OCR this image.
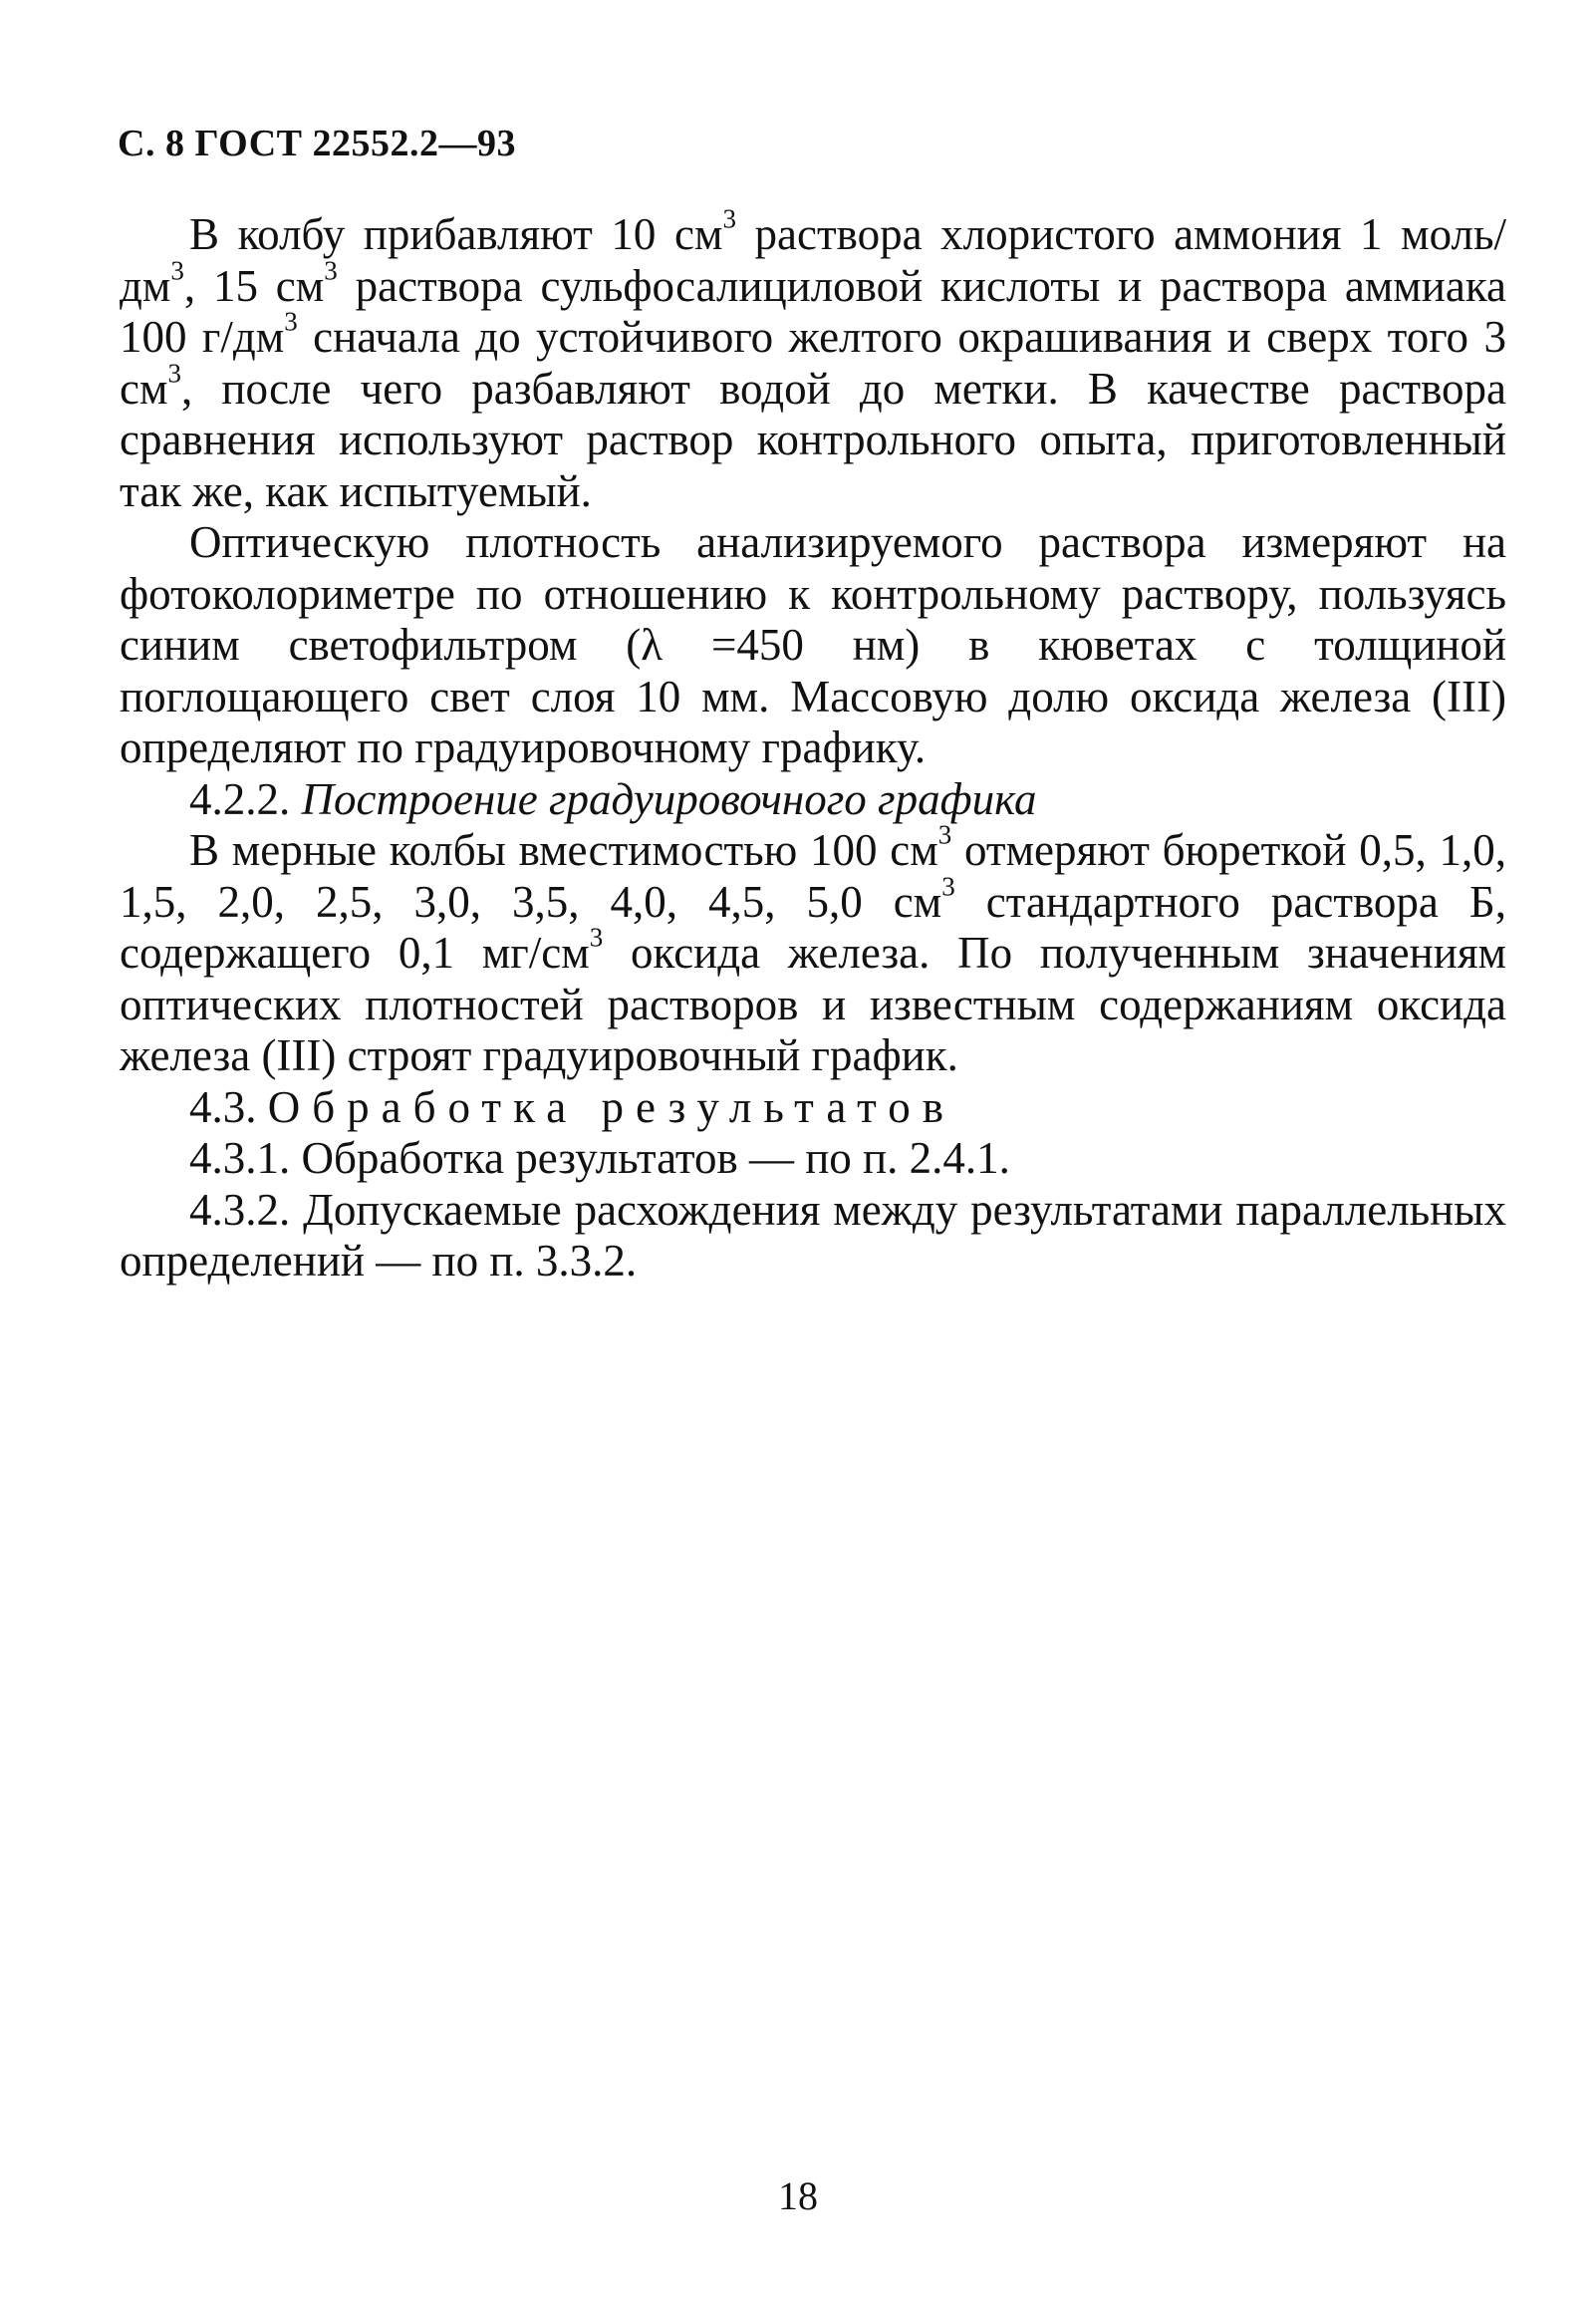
С. 8 ГОСТ 22552.2—93

В колбу прибавляют 10 $см^3$ раствора хлористого аммония 1 моль/$дм^3$, 15 $см^3$ раствора сульфосалициловой кислоты и раствора аммиака 100 $г/дм^3$ сначала до устойчивого желтого окрашивания и сверх того 3 $см^3$, после чего разбавляют водой до метки. В качестве раствора сравнения используют раствор контрольного опыта, приготовленный так же, как испытуемый.

Оптическую плотность анализируемого раствора измеряют на фотоколориметре по отношению к контрольному раствору, пользуясь синим светофильтром (λ =450 нм) в кюветах с толщиной поглощающего свет слоя 10 мм. Массовую долю оксида железа (III) определяют по градуировочному графику.

4.2.2. Построение градуировочного графика

В мерные колбы вместимостью 100 $см^3$ отмеряют бюреткой 0,5, 1,0, 1,5, 2,0, 2,5, 3,0, 3,5, 4,0, 4,5, 5,0 $см^3$ стандартного раствора Б, содержащего 0,1 $мг/см^3$ оксида железа. По полученным значениям оптических плотностей растворов и известным содержаниям оксида железа (III) строят градуировочный график.

4.3. Обработка результатов

4.3.1. Обработка результатов — по п. 2.4.1.

4.3.2. Допускаемые расхождения между результатами параллельных определений — по п. 3.3.2.

18
